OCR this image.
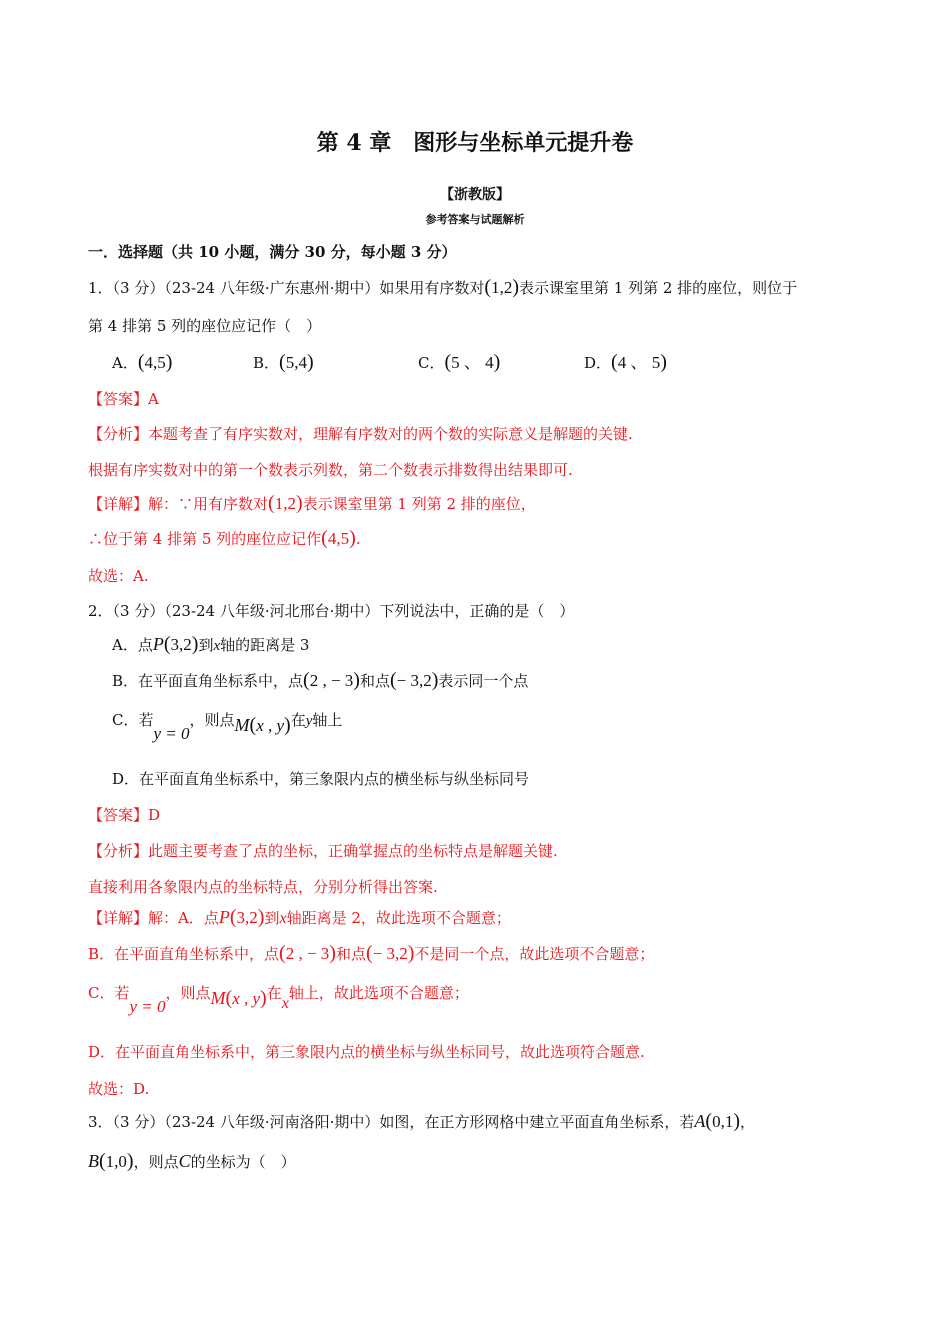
第 4 章　图形与坐标单元提升卷
【浙教版】
参考答案与试题解析
一．选择题（共 10 小题，满分 30 分，每小题 3 分）
1．（3 分）（23-24 八年级·广东惠州·期中）如果用有序数对(1,2)表示课室里第 1 列第 2 排的座位，则位于
第 4 排第 5 列的座位应记作（　）
A．(4,5)	B．(5,4)	C．(5 、 4)	D．(4 、 5)
【答案】A
【分析】本题考查了有序实数对，理解有序数对的两个数的实际意义是解题的关键.
根据有序实数对中的第一个数表示列数，第二个数表示排数得出结果即可.
【详解】解：∵用有序数对(1,2)表示课室里第 1 列第 2 排的座位，
∴位于第 4 排第 5 列的座位应记作(4,5).
故选：A.
2．（3 分）（23-24 八年级·河北邢台·期中）下列说法中，正确的是（　）
A．点P(3,2)到x轴的距离是 3
B．在平面直角坐标系中，点(2 , − 3)和点(− 3,2)表示同一个点
C．若y = 0，则点M(x , y)在y轴上
D．在平面直角坐标系中，第三象限内点的横坐标与纵坐标同号
【答案】D
【分析】此题主要考查了点的坐标，正确掌握点的坐标特点是解题关键.
直接利用各象限内点的坐标特点，分别分析得出答案.
【详解】解：A．点P(3,2)到x轴距离是 2，故此选项不合题意；
B．在平面直角坐标系中，点(2 , − 3)和点(− 3,2)不是同一个点，故此选项不合题意；
C．若y = 0，则点M(x , y)在x轴上，故此选项不合题意；
D．在平面直角坐标系中，第三象限内点的横坐标与纵坐标同号，故此选项符合题意.
故选：D.
3．（3 分）（23-24 八年级·河南洛阳·期中）如图，在正方形网格中建立平面直角坐标系，若A(0,1)，
B(1,0)，则点C的坐标为（　）
